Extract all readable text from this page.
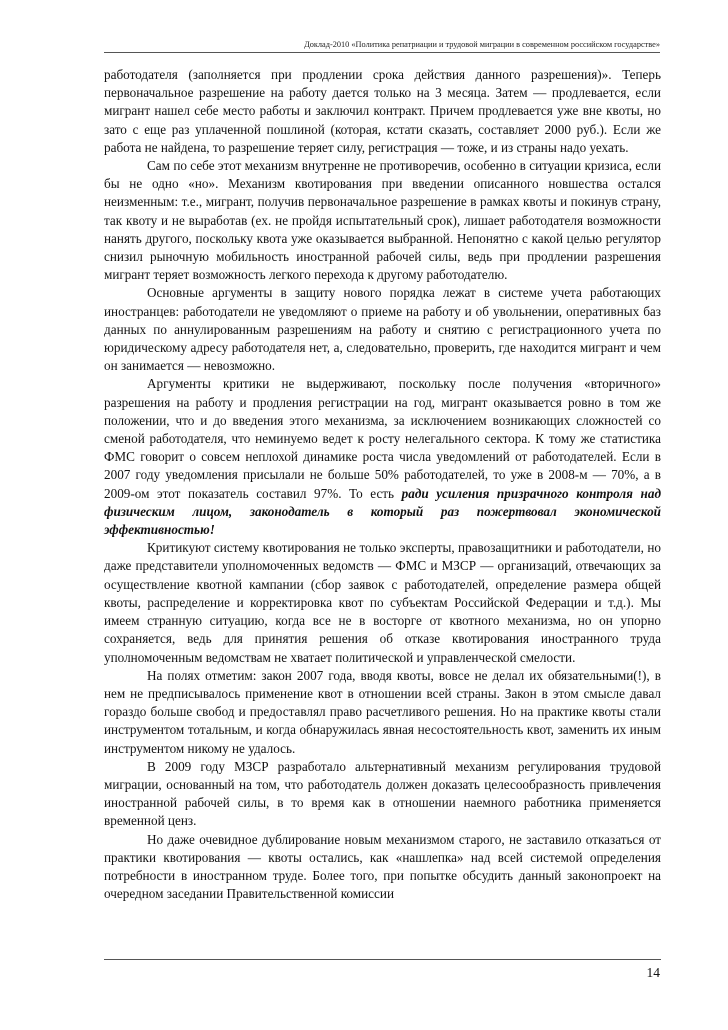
Доклад-2010 «Политика репатриации и трудовой миграции в современном российском государстве»

работодателя (заполняется при продлении срока действия данного разрешения)». Теперь первоначальное разрешение на работу дается только на 3 месяца. Затем — продлевается, если мигрант нашел себе место работы и заключил контракт. Причем продлевается уже вне квоты, но зато с еще раз уплаченной пошлиной (которая, кстати сказать, составляет 2000 руб.). Если же работа не найдена, то разрешение теряет силу, регистрация — тоже, и из страны надо уехать.

Сам по себе этот механизм внутренне не противоречив, особенно в ситуации кризиса, если бы не одно «но». Механизм квотирования при введении описанного новшества остался неизменным: т.е., мигрант, получив первоначальное разрешение в рамках квоты и покинув страну, так квоту и не выработав (ex. не пройдя испытательный срок), лишает работодателя возможности нанять другого, поскольку квота уже оказывается выбранной. Непонятно с какой целью регулятор снизил рыночную мобильность иностранной рабочей силы, ведь при продлении разрешения мигрант теряет возможность легкого перехода к другому работодателю.

Основные аргументы в защиту нового порядка лежат в системе учета работающих иностранцев: работодатели не уведомляют о приеме на работу и об увольнении, оперативных баз данных по аннулированным разрешениям на работу и снятию с регистрационного учета по юридическому адресу работодателя нет, а, следовательно, проверить, где находится мигрант и чем он занимается — невозможно.

Аргументы критики не выдерживают, поскольку после получения «вторичного» разрешения на работу и продления регистрации на год, мигрант оказывается ровно в том же положении, что и до введения этого механизма, за исключением возникающих сложностей со сменой работодателя, что неминуемо ведет к росту нелегального сектора. К тому же статистика ФМС говорит о совсем неплохой динамике роста числа уведомлений от работодателей. Если в 2007 году уведомления присылали не больше 50% работодателей, то уже в 2008-м — 70%, а в 2009-ом этот показатель составил 97%. То есть ради усиления призрачного контроля над физическим лицом, законодатель в который раз пожертвовал экономической эффективностью!

Критикуют систему квотирования не только эксперты, правозащитники и работодатели, но даже представители уполномоченных ведомств — ФМС и МЗСР — организаций, отвечающих за осуществление квотной кампании (сбор заявок с работодателей, определение размера общей квоты, распределение и корректировка квот по субъектам Российской Федерации и т.д.). Мы имеем странную ситуацию, когда все не в восторге от квотного механизма, но он упорно сохраняется, ведь для принятия решения об отказе квотирования иностранного труда уполномоченным ведомствам не хватает политической и управленческой смелости.

На полях отметим: закон 2007 года, вводя квоты, вовсе не делал их обязательными(!), в нем не предписывалось применение квот в отношении всей страны. Закон в этом смысле давал гораздо больше свобод и предоставлял право расчетливого решения. Но на практике квоты стали инструментом тотальным, и когда обнаружилась явная несостоятельность квот, заменить их иным инструментом никому не удалось.

В 2009 году МЗСР разработало альтернативный механизм регулирования трудовой миграции, основанный на том, что работодатель должен доказать целесообразность привлечения иностранной рабочей силы, в то время как в отношении наемного работника применяется временной ценз.

Но даже очевидное дублирование новым механизмом старого, не заставило отказаться от практики квотирования — квоты остались, как «нашлепка» над всей системой определения потребности в иностранном труде. Более того, при попытке обсудить данный законопроект на очередном заседании Правительственной комиссии

14
